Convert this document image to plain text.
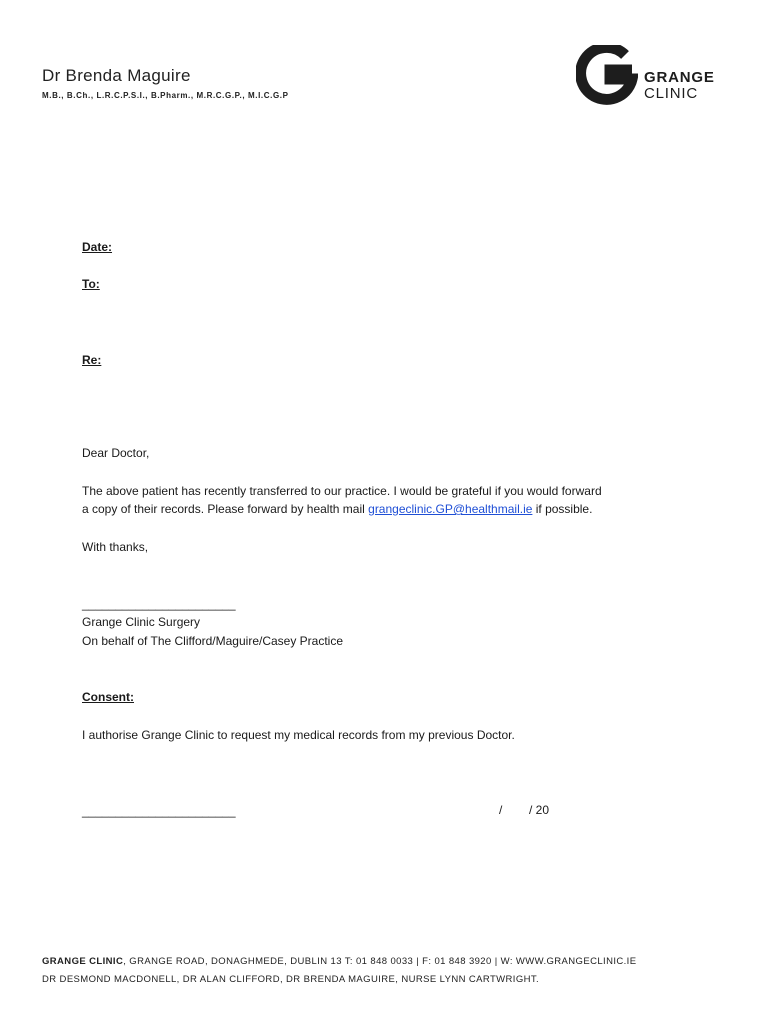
Dr Brenda Maguire
M.B., B.Ch., L.R.C.P.S.I., B.Pharm., M.R.C.G.P., M.I.C.G.P
GRANGE
CLINIC
Date:
To:
Re:
Dear Doctor,
The above patient has recently transferred to our practice. I would be grateful if you would forward
a copy of their records. Please forward by health mail grangeclinic.GP@healthmail.ie if possible.
With thanks,
_______________________
Grange Clinic Surgery
On behalf of The Clifford/Maguire/Casey Practice
Consent:
I authorise Grange Clinic to request my medical records from my previous Doctor.
_______________________	/ / 20
GRANGE CLINIC, GRANGE ROAD, DONAGHMEDE, DUBLIN 13 T: 01 848 0033 | F: 01 848 3920 | W: WWW.GRANGECLINIC.IE
DR DESMOND MACDONELL, DR ALAN CLIFFORD, DR BRENDA MAGUIRE, NURSE LYNN CARTWRIGHT.
